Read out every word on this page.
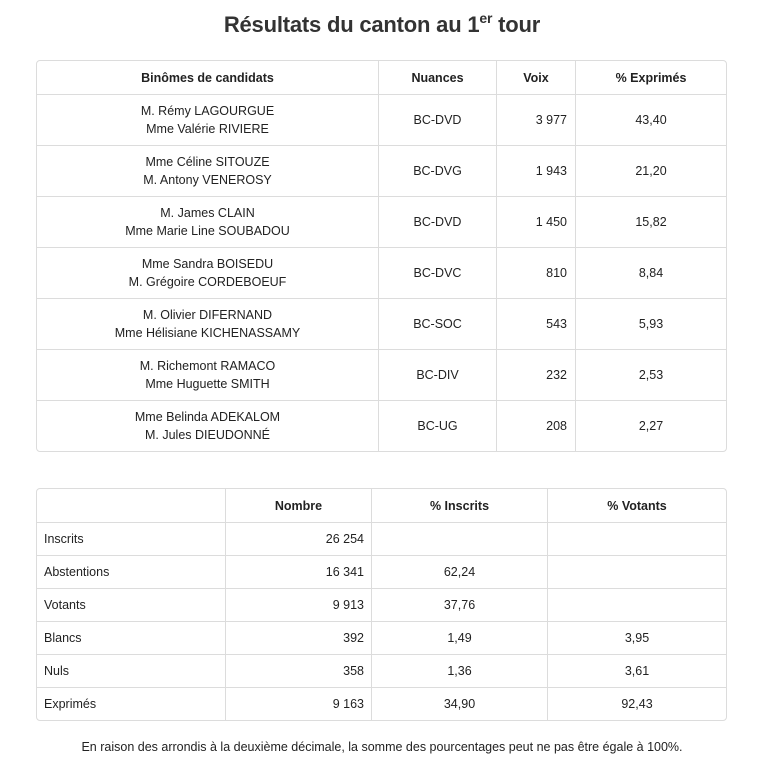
Résultats du canton au 1er tour
Binômes de candidats	Nuances	Voix	% Exprimés

M. Rémy LAGOURGUE
Mme Valérie RIVIERE	BC-DVD	3 977	43,40

Mme Céline SITOUZE
M. Antony VENEROSY	BC-DVG	1 943	21,20

M. James CLAIN
Mme Marie Line SOUBADOU	BC-DVD	1 450	15,82

Mme Sandra BOISEDU
M. Grégoire CORDEBOEUF	BC-DVC	810	8,84

M. Olivier DIFERNAND
Mme Hélisiane KICHENASSAMY	BC-SOC	543	5,93

M. Richemont RAMACO
Mme Huguette SMITH	BC-DIV	232	2,53

Mme Belinda ADEKALOM
M. Jules DIEUDONNÉ	BC-UG	208	2,27
	Nombre	% Inscrits	% Votants
Inscrits	26 254		
Abstentions	16 341	62,24	
Votants	9 913	37,76	
Blancs	392	1,49	3,95
Nuls	358	1,36	3,61
Exprimés	9 163	34,90	92,43
En raison des arrondis à la deuxième décimale, la somme des pourcentages peut ne pas être égale à 100%.
